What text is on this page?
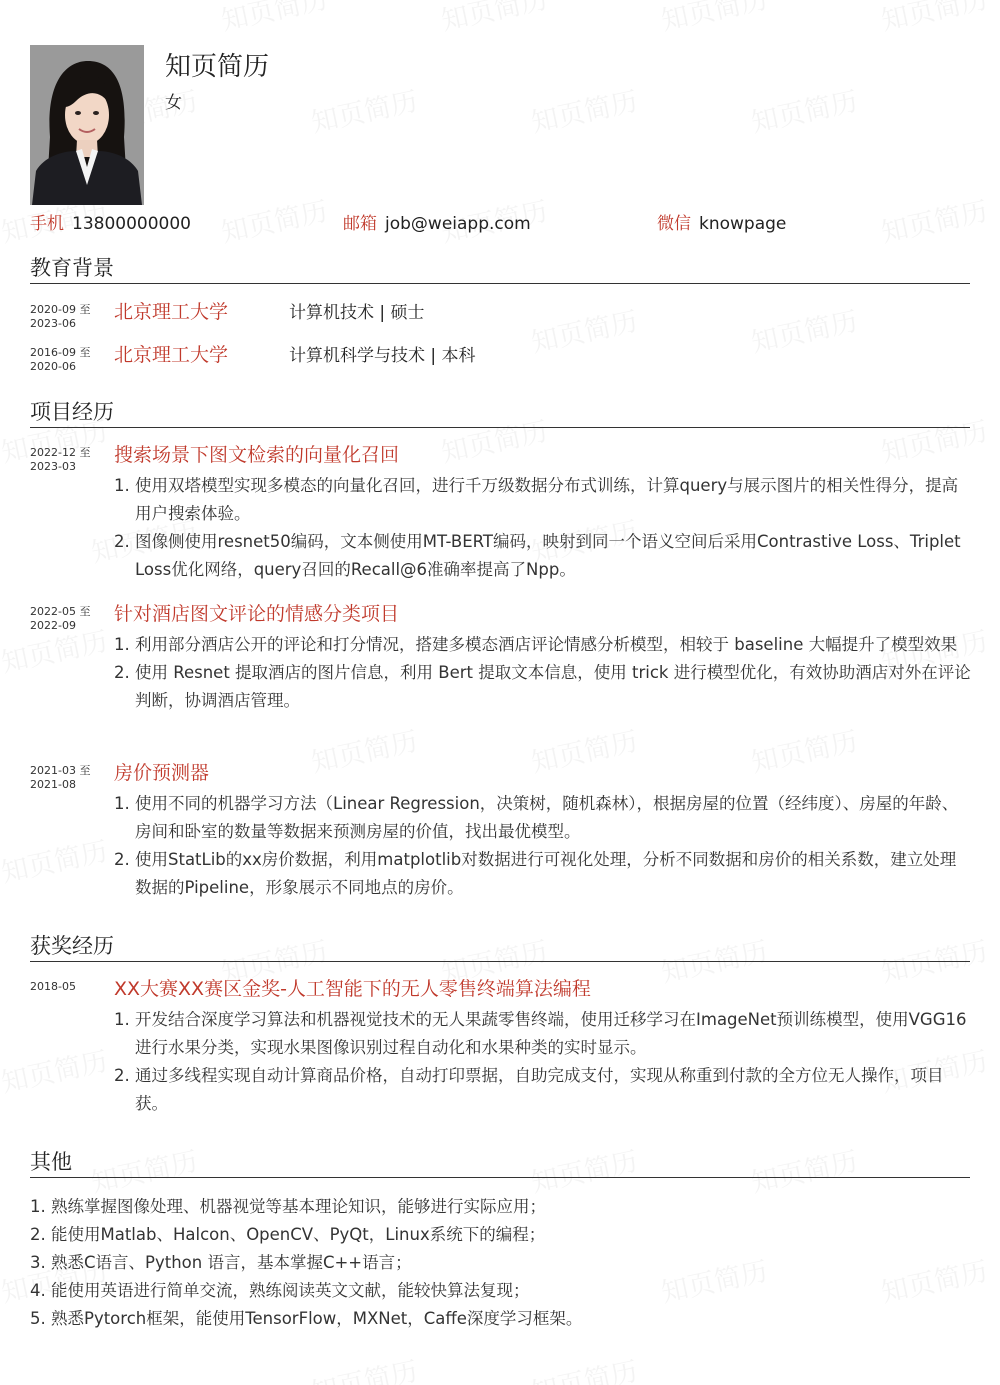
知页简历
女
手机 13800000000	邮箱 job@weiapp.com	微信 knowpage
教育背景
2020-09 至
2023-06
北京理工大学	计算机技术 | 硕士
2016-09 至
2020-06
北京理工大学	计算机科学与技术 | 本科
项目经历
2022-12 至
2023-03
搜索场景下图文检索的向量化召回
1. 使用双塔模型实现多模态的向量化召回，进行千万级数据分布式训练，计算query与展示图片的相关性得分，提高用户搜索体验。
2. 图像侧使用resnet50编码，文本侧使用MT-BERT编码，映射到同一个语义空间后采用Contrastive Loss、Triplet Loss优化网络，query召回的Recall@6准确率提高了Npp。
2022-05 至
2022-09
针对酒店图文评论的情感分类项目
1. 利用部分酒店公开的评论和打分情况，搭建多模态酒店评论情感分析模型，相较于 baseline 大幅提升了模型效果
2. 使用 Resnet 提取酒店的图片信息，利用 Bert 提取文本信息，使用 trick 进行模型优化，有效协助酒店对外在评论判断，协调酒店管理。
2021-03 至
2021-08
房价预测器
1. 使用不同的机器学习方法（Linear Regression，决策树，随机森林），根据房屋的位置（经纬度）、房屋的年龄、房间和卧室的数量等数据来预测房屋的价值，找出最优模型。
2. 使用StatLib的xx房价数据，利用matplotlib对数据进行可视化处理，分析不同数据和房价的相关系数，建立处理数据的Pipeline，形象展示不同地点的房价。
获奖经历
2018-05 XX大赛XX赛区金奖-人工智能下的无人零售终端算法编程
1. 开发结合深度学习算法和机器视觉技术的无人果蔬零售终端，使用迁移学习在ImageNet预训练模型，使用VGG16进行水果分类，实现水果图像识别过程自动化和水果种类的实时显示。
2. 通过多线程实现自动计算商品价格，自动打印票据，自助完成支付，实现从称重到付款的全方位无人操作，项目获。
其他
1. 熟练掌握图像处理、机器视觉等基本理论知识，能够进行实际应用；
2. 能使用Matlab、Halcon、OpenCV、PyQt，Linux系统下的编程；
3. 熟悉C语言、Python 语言，基本掌握C++语言；
4. 能使用英语进行简单交流，熟练阅读英文文献，能较快算法复现；
5. 熟悉Pytorch框架，能使用TensorFlow，MXNet，Caffe深度学习框架。
